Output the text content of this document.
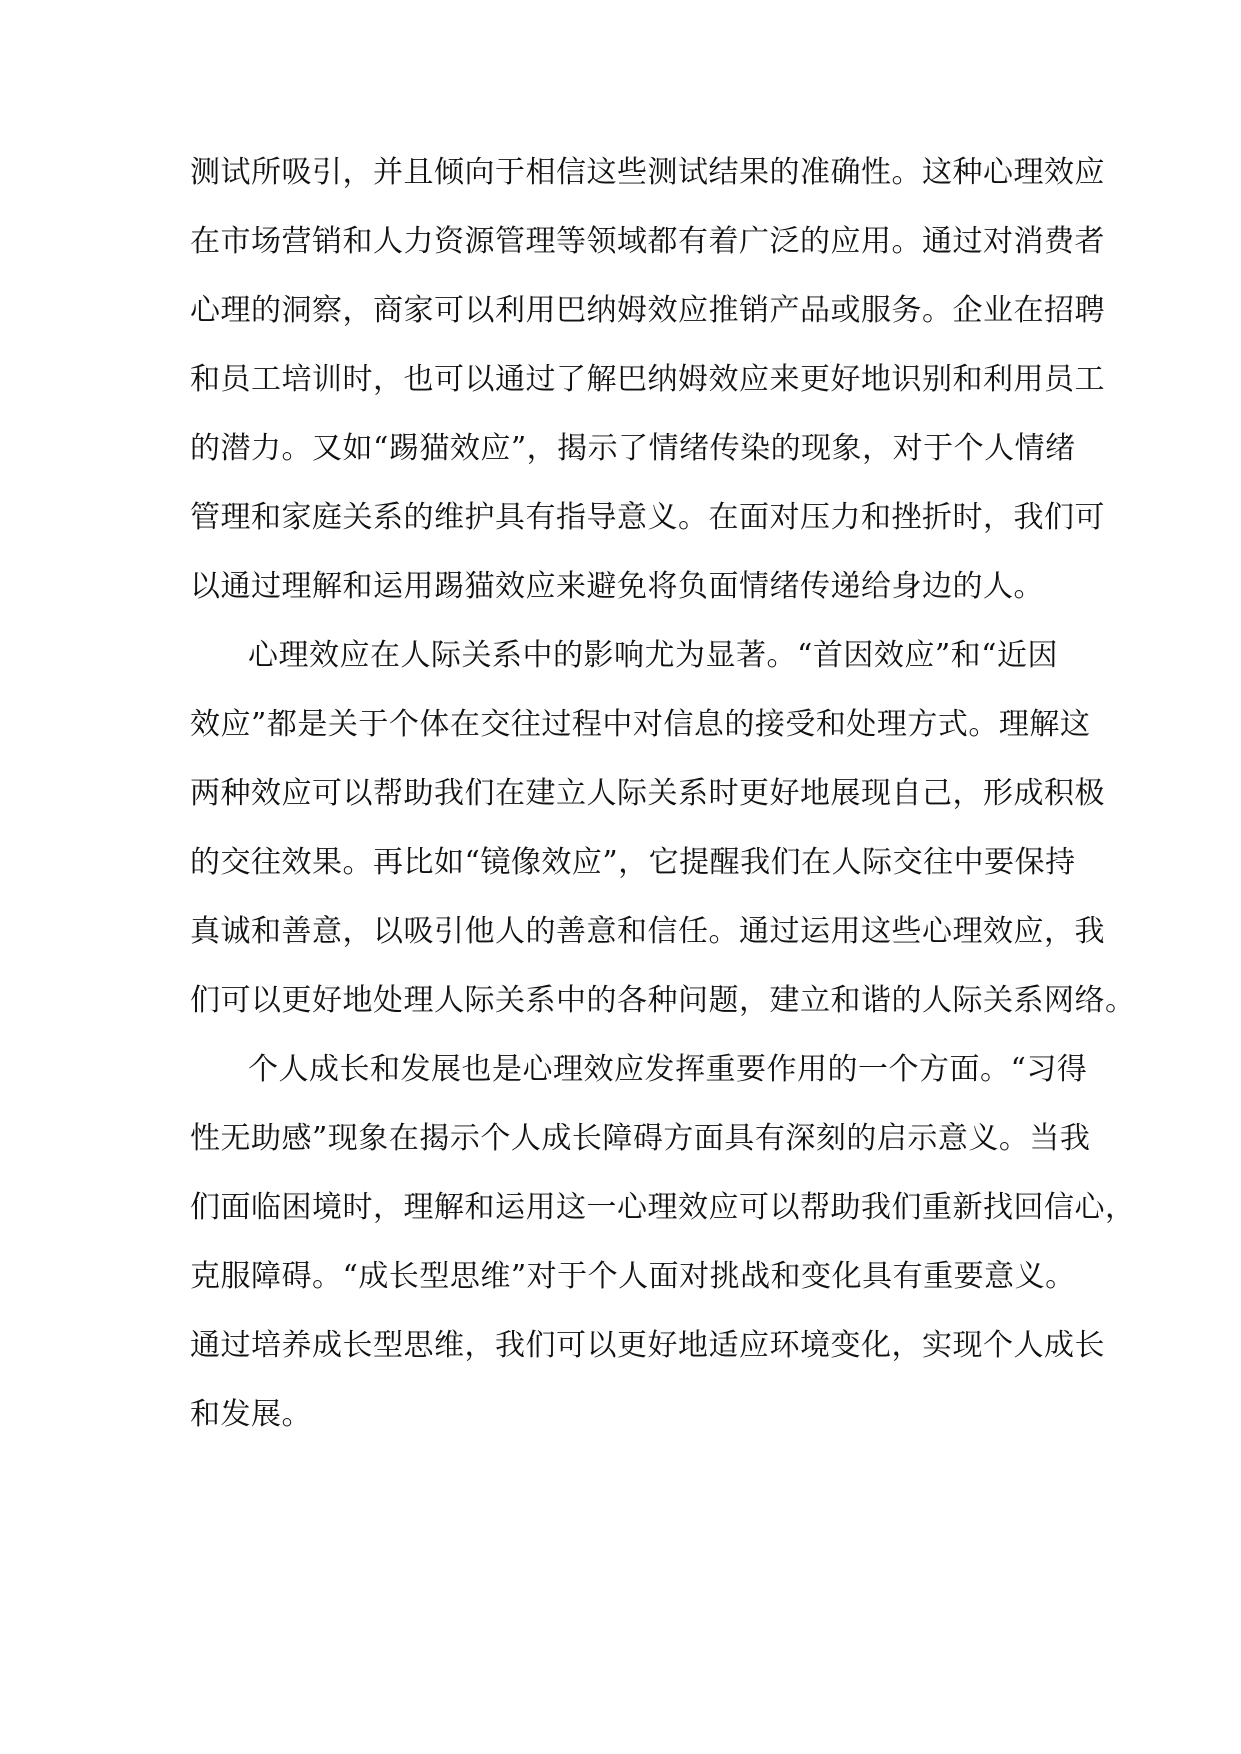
测试所吸引，并且倾向于相信这些测试结果的准确性。这种心理效应
在市场营销和人力资源管理等领域都有着广泛的应用。通过对消费者
心理的洞察，商家可以利用巴纳姆效应推销产品或服务。企业在招聘
和员工培训时，也可以通过了解巴纳姆效应来更好地识别和利用员工
的潜力。又如“踢猫效应”，揭示了情绪传染的现象，对于个人情绪
管理和家庭关系的维护具有指导意义。在面对压力和挫折时，我们可
以通过理解和运用踢猫效应来避免将负面情绪传递给身边的人。
心理效应在人际关系中的影响尤为显著。“首因效应”和“近因
效应”都是关于个体在交往过程中对信息的接受和处理方式。理解这
两种效应可以帮助我们在建立人际关系时更好地展现自己，形成积极
的交往效果。再比如“镜像效应”，它提醒我们在人际交往中要保持
真诚和善意，以吸引他人的善意和信任。通过运用这些心理效应，我
们可以更好地处理人际关系中的各种问题，建立和谐的人际关系网络。
个人成长和发展也是心理效应发挥重要作用的一个方面。“习得
性无助感”现象在揭示个人成长障碍方面具有深刻的启示意义。当我
们面临困境时，理解和运用这一心理效应可以帮助我们重新找回信心，
克服障碍。“成长型思维”对于个人面对挑战和变化具有重要意义。
通过培养成长型思维，我们可以更好地适应环境变化，实现个人成长
和发展。
